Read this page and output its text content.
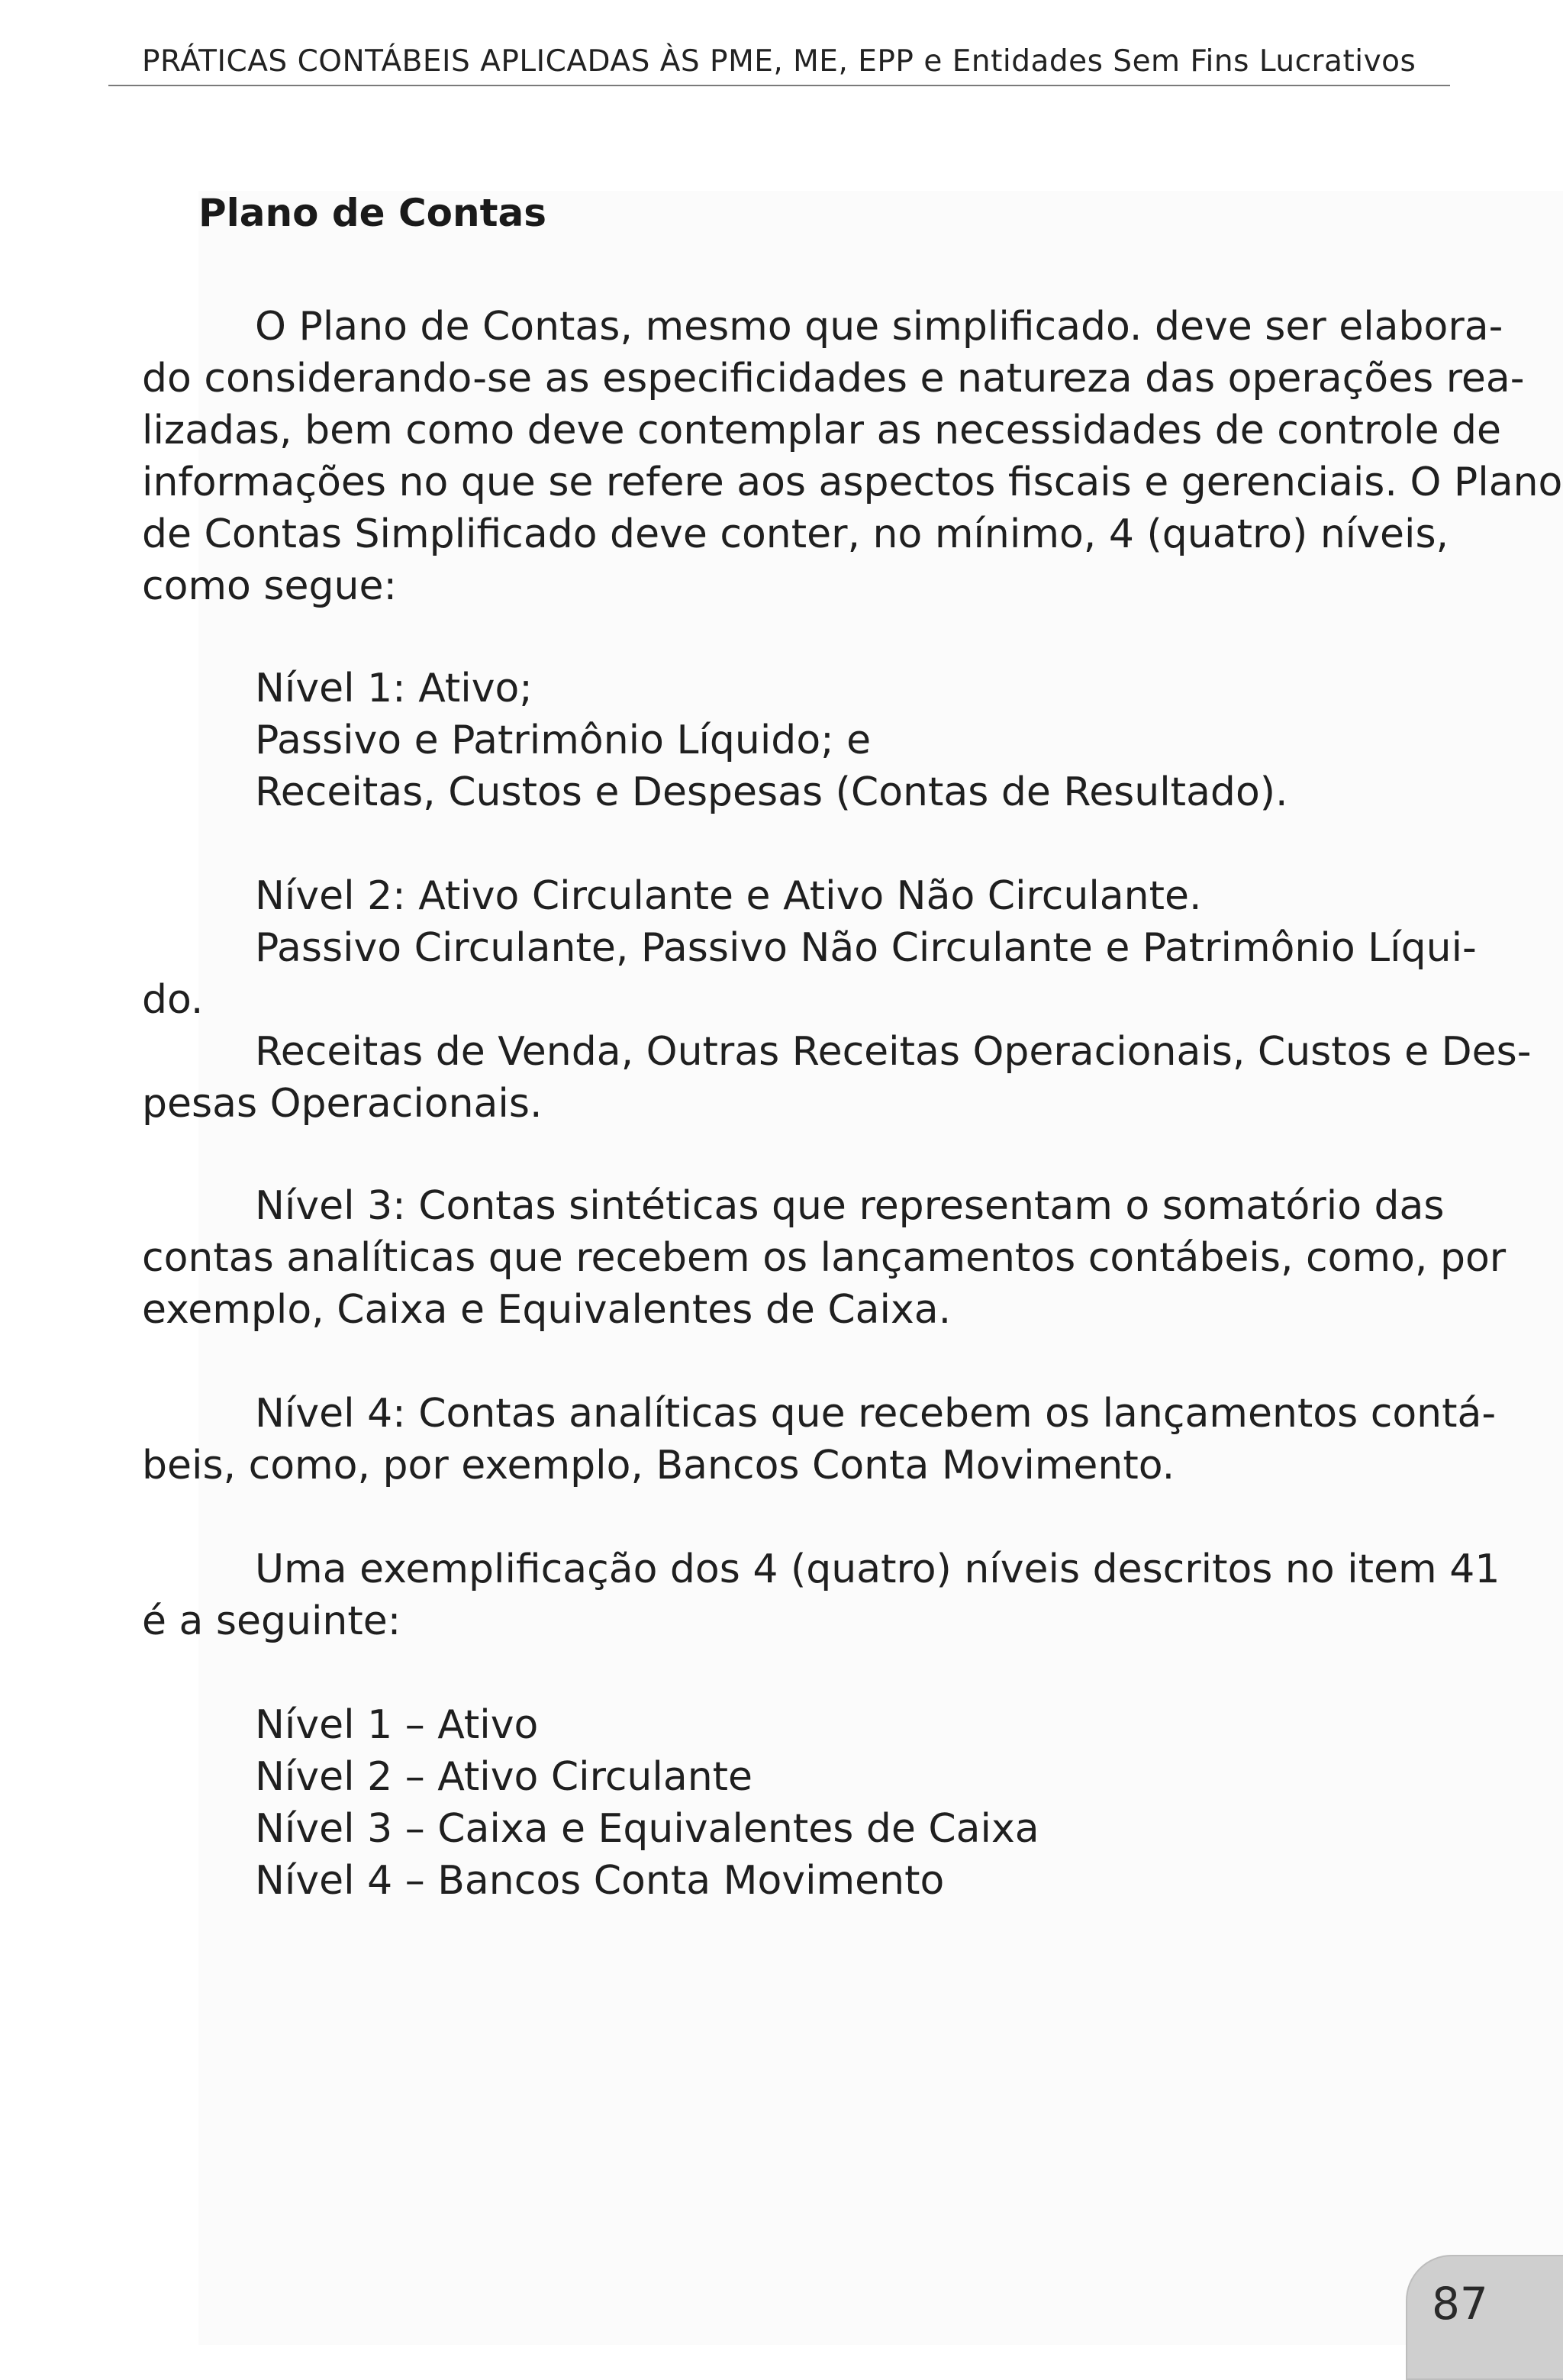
PRÁTICAS CONTÁBEIS APLICADAS ÀS PME, ME, EPP e Entidades Sem Fins Lucrativos
Plano de Contas
O Plano de Contas, mesmo que simplificado. deve ser elabora-
do considerando-se as especificidades e natureza das operações rea-
lizadas, bem como deve contemplar as necessidades de controle de
informações no que se refere aos aspectos fiscais e gerenciais. O Plano
de Contas Simplificado deve conter, no mínimo, 4 (quatro) níveis,
como segue:
Nível 1: Ativo;
Passivo e Patrimônio Líquido; e
Receitas, Custos e Despesas (Contas de Resultado).
Nível 2: Ativo Circulante e Ativo Não Circulante.
Passivo Circulante, Passivo Não Circulante e Patrimônio Líqui-
do.
Receitas de Venda, Outras Receitas Operacionais, Custos e Des-
pesas Operacionais.
Nível 3: Contas sintéticas que representam o somatório das
contas analíticas que recebem os lançamentos contábeis, como, por
exemplo, Caixa e Equivalentes de Caixa.
Nível 4: Contas analíticas que recebem os lançamentos contá-
beis, como, por exemplo, Bancos Conta Movimento.
Uma exemplificação dos 4 (quatro) níveis descritos no item 41
é a seguinte:
Nível 1 – Ativo
Nível 2 – Ativo Circulante
Nível 3 – Caixa e Equivalentes de Caixa
Nível 4 – Bancos Conta Movimento
87
